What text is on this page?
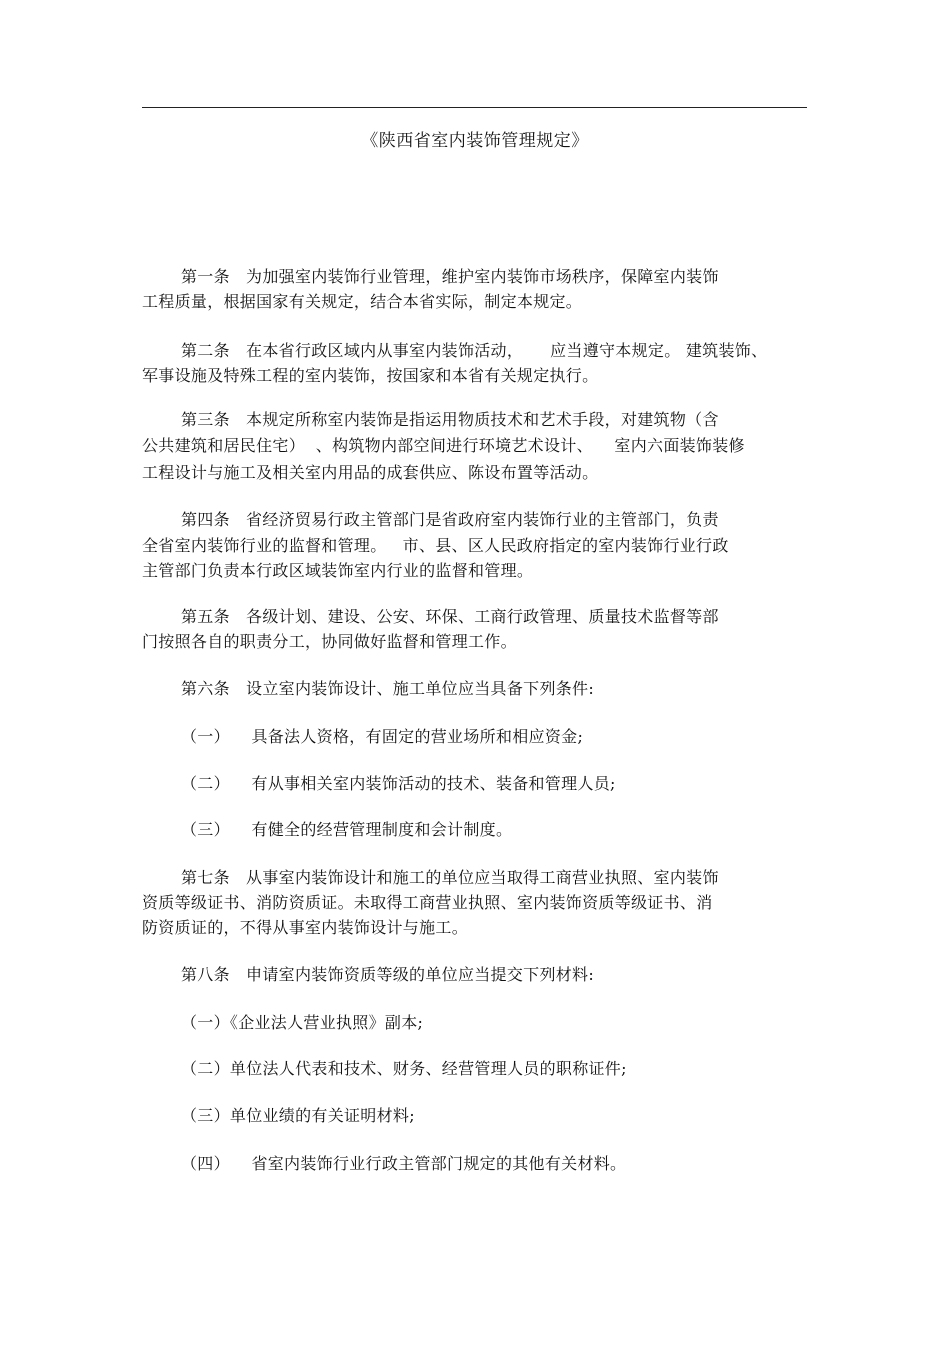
《陕西省室内装饰管理规定》
第一条   为加强室内装饰行业管理，维护室内装饰市场秩序，保障室内装饰
工程质量，根据国家有关规定，结合本省实际，制定本规定。
第二条   在本省行政区域内从事室内装饰活动，     应当遵守本规定。 建筑装饰、
军事设施及特殊工程的室内装饰，按国家和本省有关规定执行。
第三条   本规定所称室内装饰是指运用物质技术和艺术手段，对建筑物（含
公共建筑和居民住宅）  、构筑物内部空间进行环境艺术设计、    室内六面装饰装修
工程设计与施工及相关室内用品的成套供应、陈设布置等活动。
第四条   省经济贸易行政主管部门是省政府室内装饰行业的主管部门，负责
全省室内装饰行业的监督和管理。   市、县、区人民政府指定的室内装饰行业行政
主管部门负责本行政区域装饰室内行业的监督和管理。
第五条   各级计划、建设、公安、环保、工商行政管理、质量技术监督等部
门按照各自的职责分工，协同做好监督和管理工作。
第六条   设立室内装饰设计、施工单位应当具备下列条件:
（一）    具备法人资格，有固定的营业场所和相应资金;
（二）    有从事相关室内装饰活动的技术、装备和管理人员;
（三）    有健全的经营管理制度和会计制度。
第七条   从事室内装饰设计和施工的单位应当取得工商营业执照、室内装饰
资质等级证书、消防资质证。未取得工商营业执照、室内装饰资质等级证书、消
防资质证的，不得从事室内装饰设计与施工。
第八条   申请室内装饰资质等级的单位应当提交下列材料:
（一）《企业法人营业执照》副本;
（二）单位法人代表和技术、财务、经营管理人员的职称证件;
（三）单位业绩的有关证明材料;
（四）    省室内装饰行业行政主管部门规定的其他有关材料。
